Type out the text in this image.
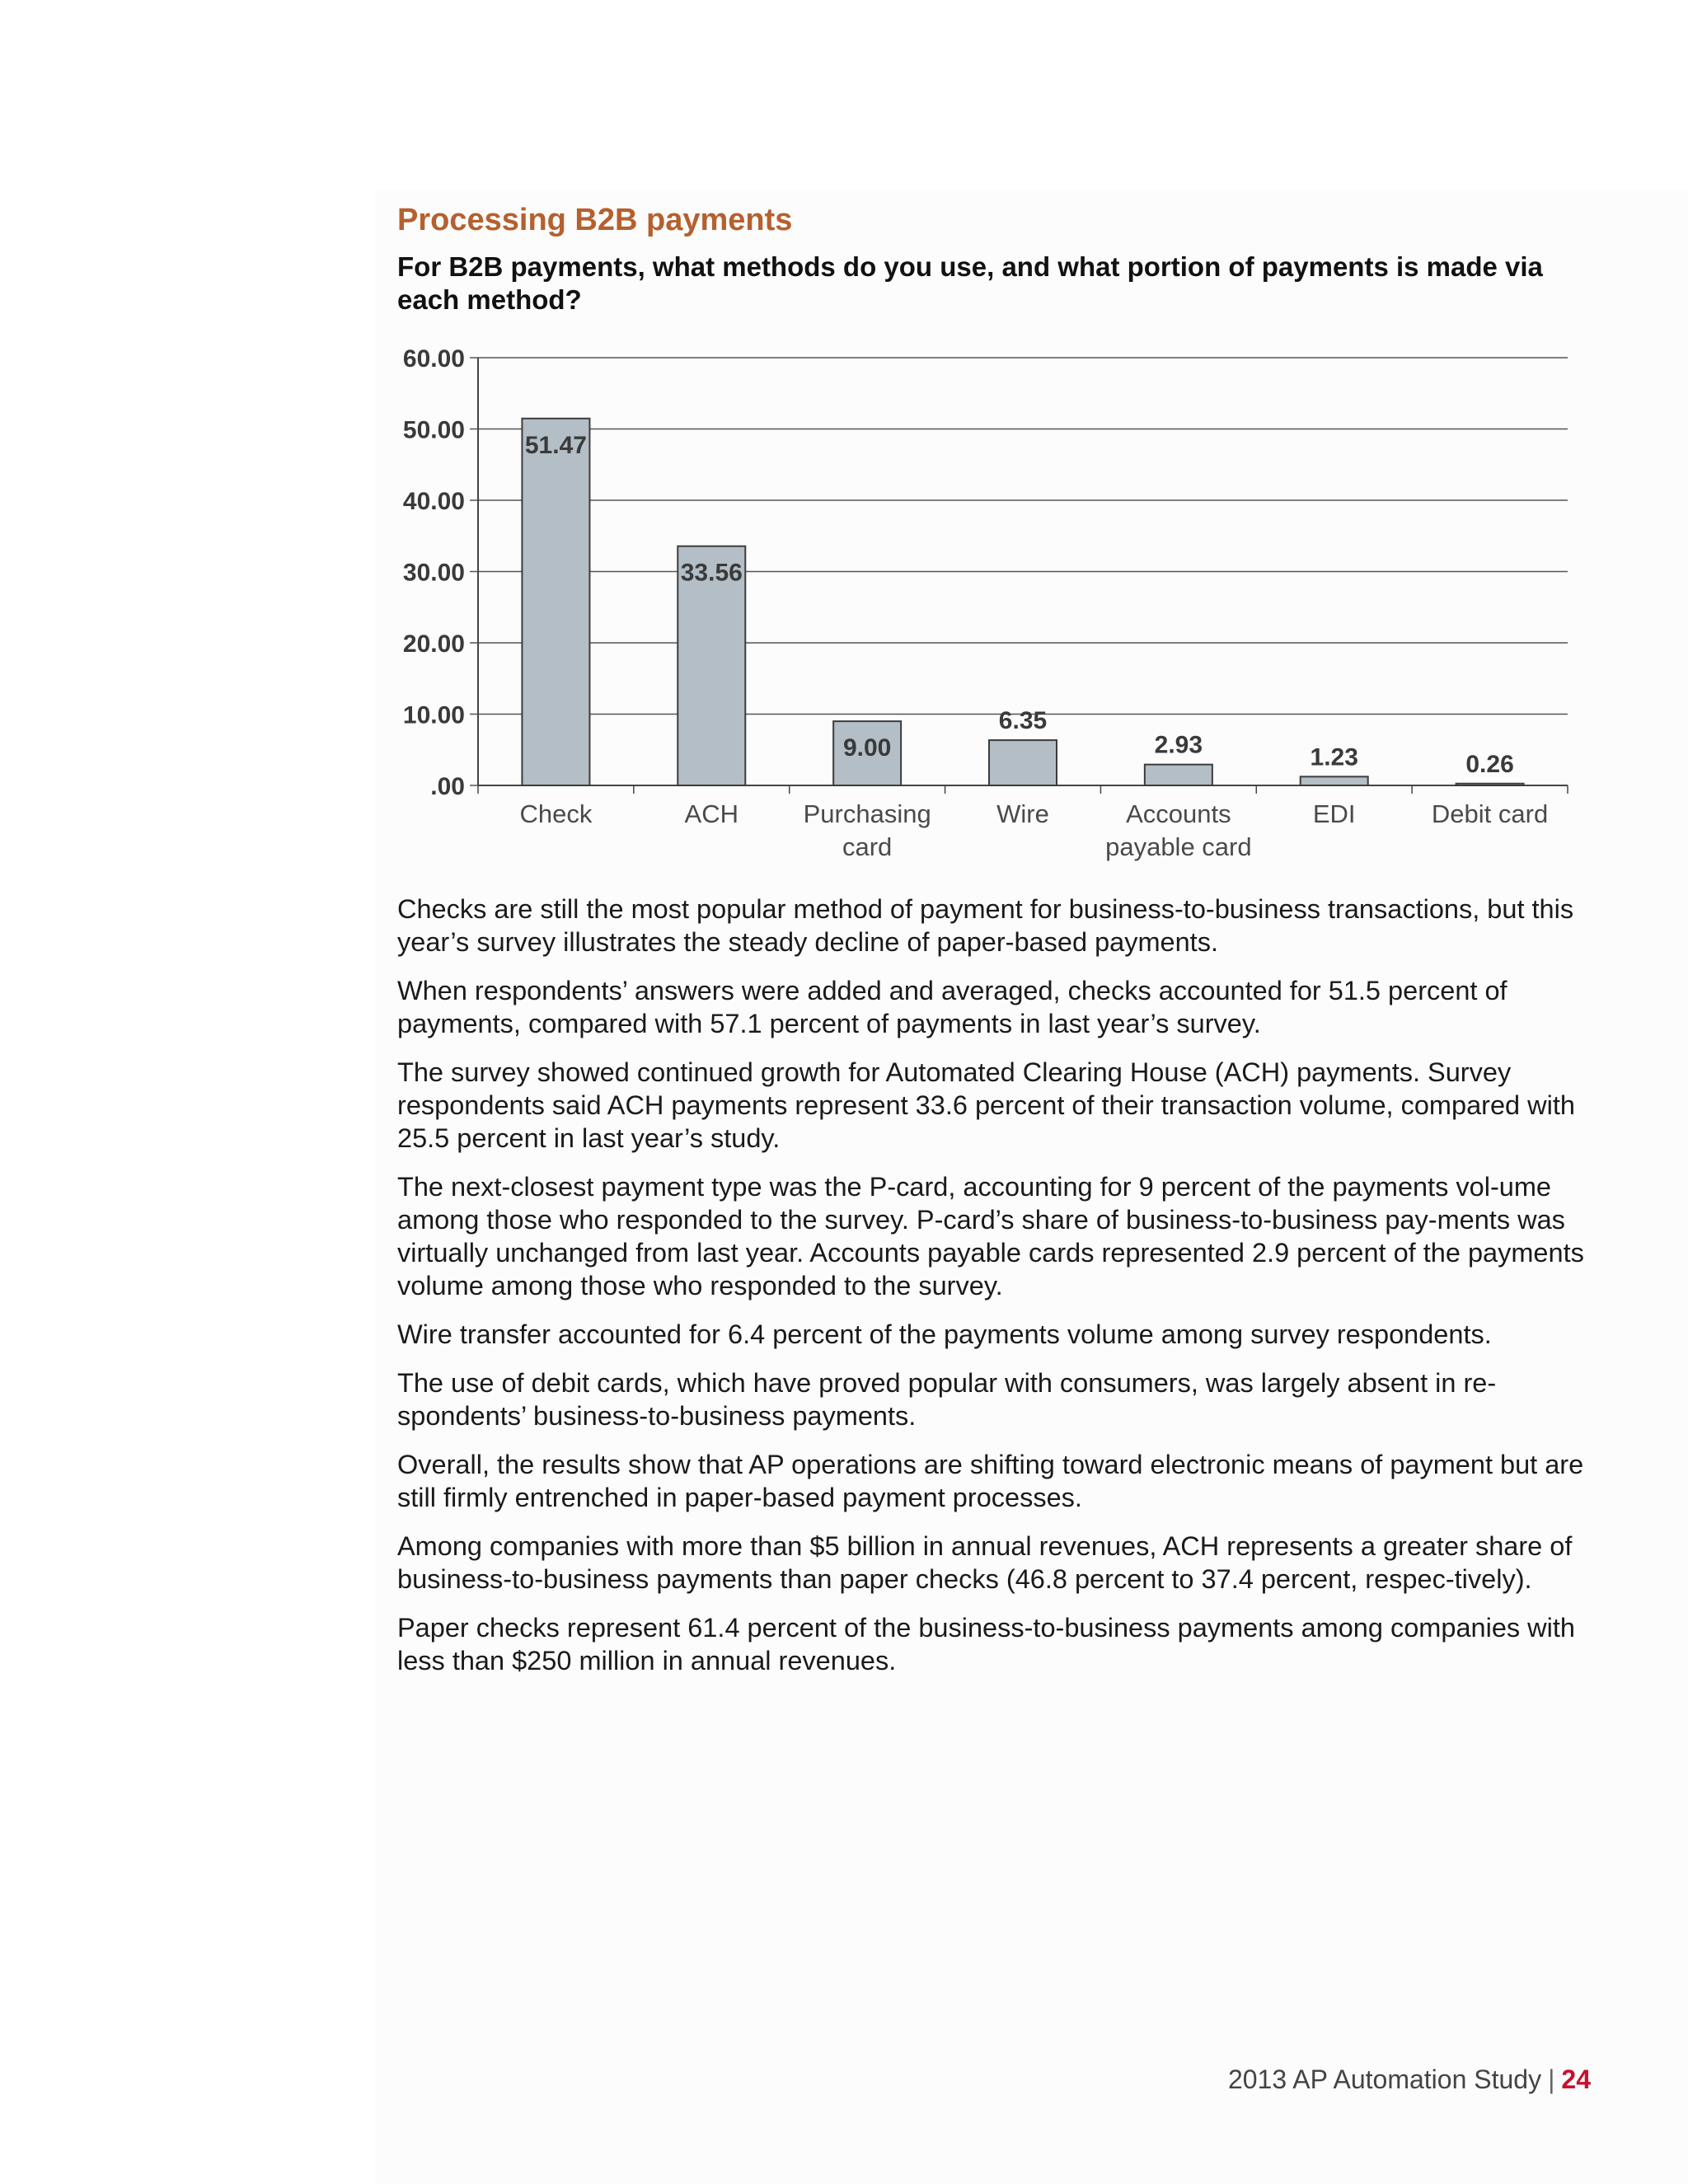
Processing B2B payments

For B2B payments, what methods do you use, and what portion of payments is made via each method?

.00
10.00
20.00
30.00
40.00
50.00
60.00
51.47
Check
33.56
ACH
9.00
Purchasing
card
6.35
Wire
2.93
Accounts
payable card
1.23
EDI
0.26
Debit card

Checks are still the most popular method of payment for business-to-business transactions, but this year’s survey illustrates the steady decline of paper-based payments.

When respondents’ answers were added and averaged, checks accounted for 51.5 percent of payments, compared with 57.1 percent of payments in last year’s survey.

The survey showed continued growth for Automated Clearing House (ACH) payments. Survey respondents said ACH payments represent 33.6 percent of their transaction volume, compared with 25.5 percent in last year’s study.

The next-closest payment type was the P-card, accounting for 9 percent of the payments vol-ume among those who responded to the survey. P-card’s share of business-to-business pay-ments was virtually unchanged from last year. Accounts payable cards represented 2.9 percent of the payments volume among those who responded to the survey.

Wire transfer accounted for 6.4 percent of the payments volume among survey respondents.

The use of debit cards, which have proved popular with consumers, was largely absent in re-spondents’ business-to-business payments.

Overall, the results show that AP operations are shifting toward electronic means of payment but are still firmly entrenched in paper-based payment processes.

Among companies with more than $5 billion in annual revenues, ACH represents a greater share of business-to-business payments than paper checks (46.8 percent to 37.4 percent, respec-tively).

Paper checks represent 61.4 percent of the business-to-business payments among companies with less than $250 million in annual revenues.

2013 AP Automation Study | 24
